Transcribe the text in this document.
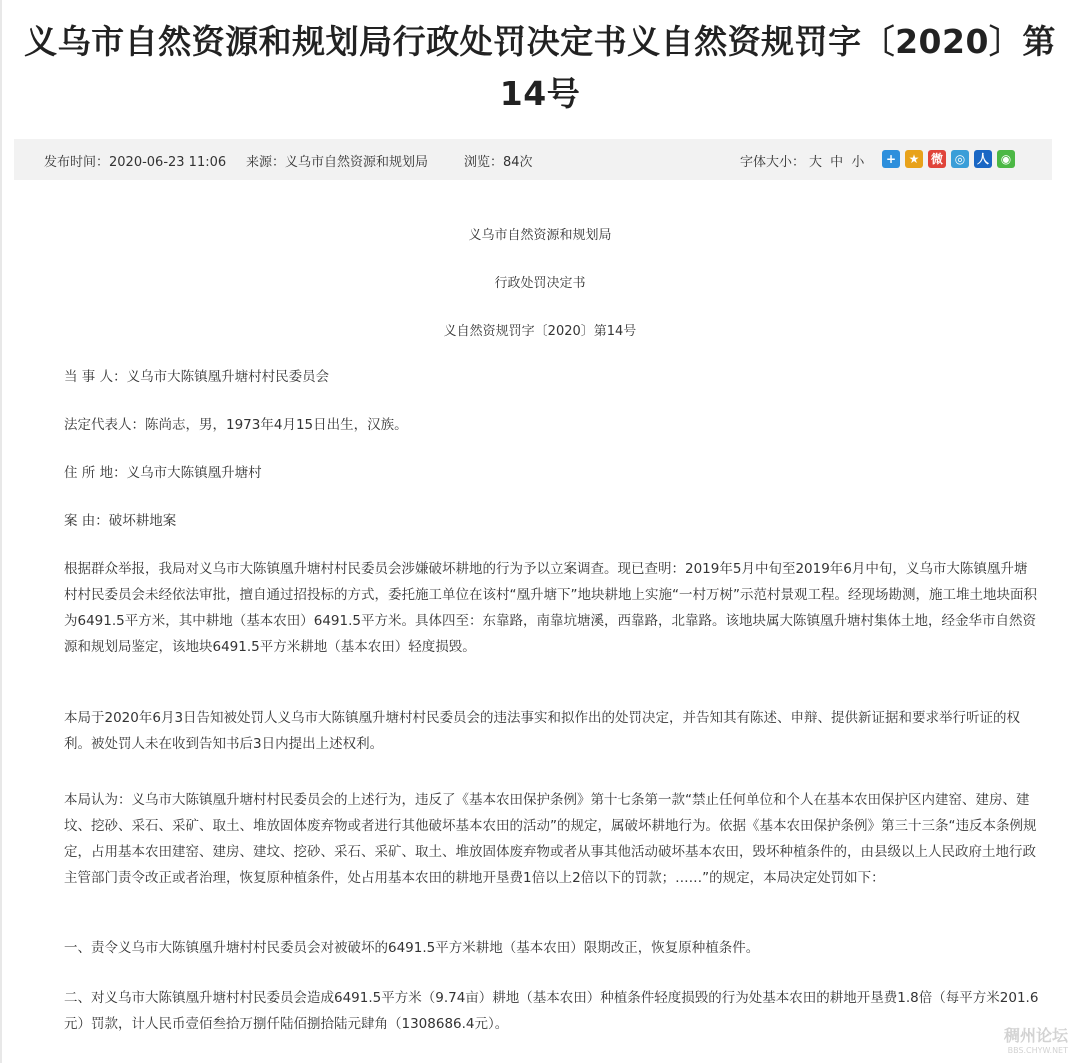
义乌市自然资源和规划局行政处罚决定书义自然资规罚字〔2020〕第14号
发布时间：2020-06-23 11:06 来源：义乌市自然资源和规划局	浏览：84次	字体大小： 大 中 小	+	★ 微 ◎ 人 ◉
义乌市自然资源和规划局
行政处罚决定书
义自然资规罚字〔2020〕第14号
当 事 人：义乌市大陈镇凰升塘村村民委员会
法定代表人：陈尚志，男，1973年4月15日出生，汉族。
住 所 地：义乌市大陈镇凰升塘村
案 由：破坏耕地案
根据群众举报，我局对义乌市大陈镇凰升塘村村民委员会涉嫌破坏耕地的行为予以立案调查。现已查明：2019年5月中旬至2019年6月中旬，义乌市大陈镇凰升塘村村民委员会未经依法审批，擅自通过招投标的方式，委托施工单位在该村“凰升塘下”地块耕地上实施“一村万树”示范村景观工程。经现场勘测，施工堆土地块面积为6491.5平方米，其中耕地（基本农田）6491.5平方米。具体四至：东靠路，南靠坑塘溪，西靠路，北靠路。该地块属大陈镇凰升塘村集体土地，经金华市自然资源和规划局鉴定，该地块6491.5平方米耕地（基本农田）轻度损毁。
本局于2020年6月3日告知被处罚人义乌市大陈镇凰升塘村村民委员会的违法事实和拟作出的处罚决定，并告知其有陈述、申辩、提供新证据和要求举行听证的权利。被处罚人未在收到告知书后3日内提出上述权利。
本局认为：义乌市大陈镇凰升塘村村民委员会的上述行为，违反了《基本农田保护条例》第十七条第一款“禁止任何单位和个人在基本农田保护区内建窑、建房、建坟、挖砂、采石、采矿、取土、堆放固体废弃物或者进行其他破坏基本农田的活动”的规定，属破坏耕地行为。依据《基本农田保护条例》第三十三条“违反本条例规定，占用基本农田建窑、建房、建坟、挖砂、采石、采矿、取土、堆放固体废弃物或者从事其他活动破坏基本农田，毁坏种植条件的，由县级以上人民政府土地行政主管部门责令改正或者治理，恢复原种植条件，处占用基本农田的耕地开垦费1倍以上2倍以下的罚款；……”的规定，本局决定处罚如下：
一、责令义乌市大陈镇凰升塘村村民委员会对被破坏的6491.5平方米耕地（基本农田）限期改正，恢复原种植条件。
二、对义乌市大陈镇凰升塘村村民委员会造成6491.5平方米（9.74亩）耕地（基本农田）种植条件轻度损毁的行为处基本农田的耕地开垦费1.8倍（每平方米201.6元）罚款，计人民币壹佰叁拾万捌仟陆佰捌拾陆元肆角（1308686.4元）。
稠州论坛
BBS.CHYW.NET
